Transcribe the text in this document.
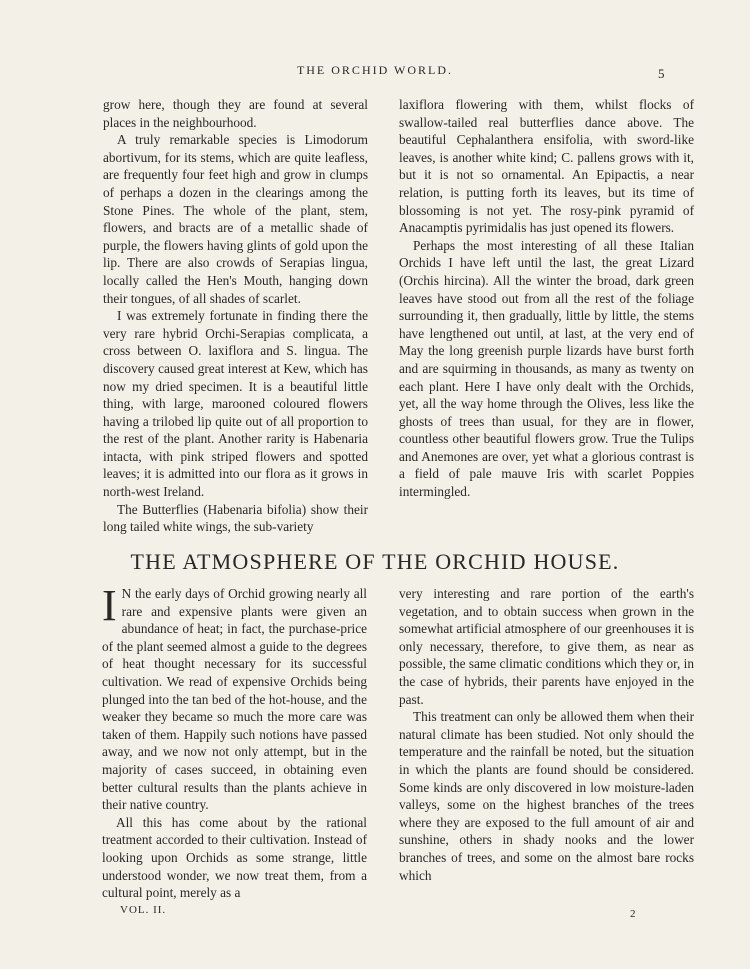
THE ORCHID WORLD.	5

grow here, though they are found at several places in the neighbourhood.

A truly remarkable species is Limodorum abortivum, for its stems, which are quite leafless, are frequently four feet high and grow in clumps of perhaps a dozen in the clearings among the Stone Pines. The whole of the plant, stem, flowers, and bracts are of a metallic shade of purple, the flowers having glints of gold upon the lip. There are also crowds of Serapias lingua, locally called the Hen's Mouth, hanging down their tongues, of all shades of scarlet.

I was extremely fortunate in finding there the very rare hybrid Orchi-Serapias complicata, a cross between O. laxiflora and S. lingua. The discovery caused great interest at Kew, which has now my dried specimen. It is a beautiful little thing, with large, marooned coloured flowers having a trilobed lip quite out of all proportion to the rest of the plant. Another rarity is Habenaria intacta, with pink striped flowers and spotted leaves; it is admitted into our flora as it grows in north-west Ireland.

The Butterflies (Habenaria bifolia) show their long tailed white wings, the sub-variety

laxiflora flowering with them, whilst flocks of swallow-tailed real butterflies dance above. The beautiful Cephalanthera ensifolia, with sword-like leaves, is another white kind; C. pallens grows with it, but it is not so ornamental. An Epipactis, a near relation, is putting forth its leaves, but its time of blossoming is not yet. The rosy-pink pyramid of Anacamptis pyrimidalis has just opened its flowers.

Perhaps the most interesting of all these Italian Orchids I have left until the last, the great Lizard (Orchis hircina). All the winter the broad, dark green leaves have stood out from all the rest of the foliage surrounding it, then gradually, little by little, the stems have lengthened out until, at last, at the very end of May the long greenish purple lizards have burst forth and are squirming in thousands, as many as twenty on each plant. Here I have only dealt with the Orchids, yet, all the way home through the Olives, less like the ghosts of trees than usual, for they are in flower, countless other beautiful flowers grow. True the Tulips and Anemones are over, yet what a glorious contrast is a field of pale mauve Iris with scarlet Poppies intermingled.

THE ATMOSPHERE OF THE ORCHID HOUSE.

I N the early days of Orchid growing nearly all rare and expensive plants were given an abundance of heat; in fact, the purchase-price of the plant seemed almost a guide to the degrees of heat thought necessary for its successful cultivation. We read of expensive Orchids being plunged into the tan bed of the hot-house, and the weaker they became so much the more care was taken of them. Happily such notions have passed away, and we now not only attempt, but in the majority of cases succeed, in obtaining even better cultural results than the plants achieve in their native country.

All this has come about by the rational treatment accorded to their cultivation. Instead of looking upon Orchids as some strange, little understood wonder, we now treat them, from a cultural point, merely as a

very interesting and rare portion of the earth's vegetation, and to obtain success when grown in the somewhat artificial atmosphere of our greenhouses it is only necessary, therefore, to give them, as near as possible, the same climatic conditions which they or, in the case of hybrids, their parents have enjoyed in the past.

This treatment can only be allowed them when their natural climate has been studied. Not only should the temperature and the rainfall be noted, but the situation in which the plants are found should be considered. Some kinds are only discovered in low moisture-laden valleys, some on the highest branches of the trees where they are exposed to the full amount of air and sunshine, others in shady nooks and the lower branches of trees, and some on the almost bare rocks which

VOL. II.	2
